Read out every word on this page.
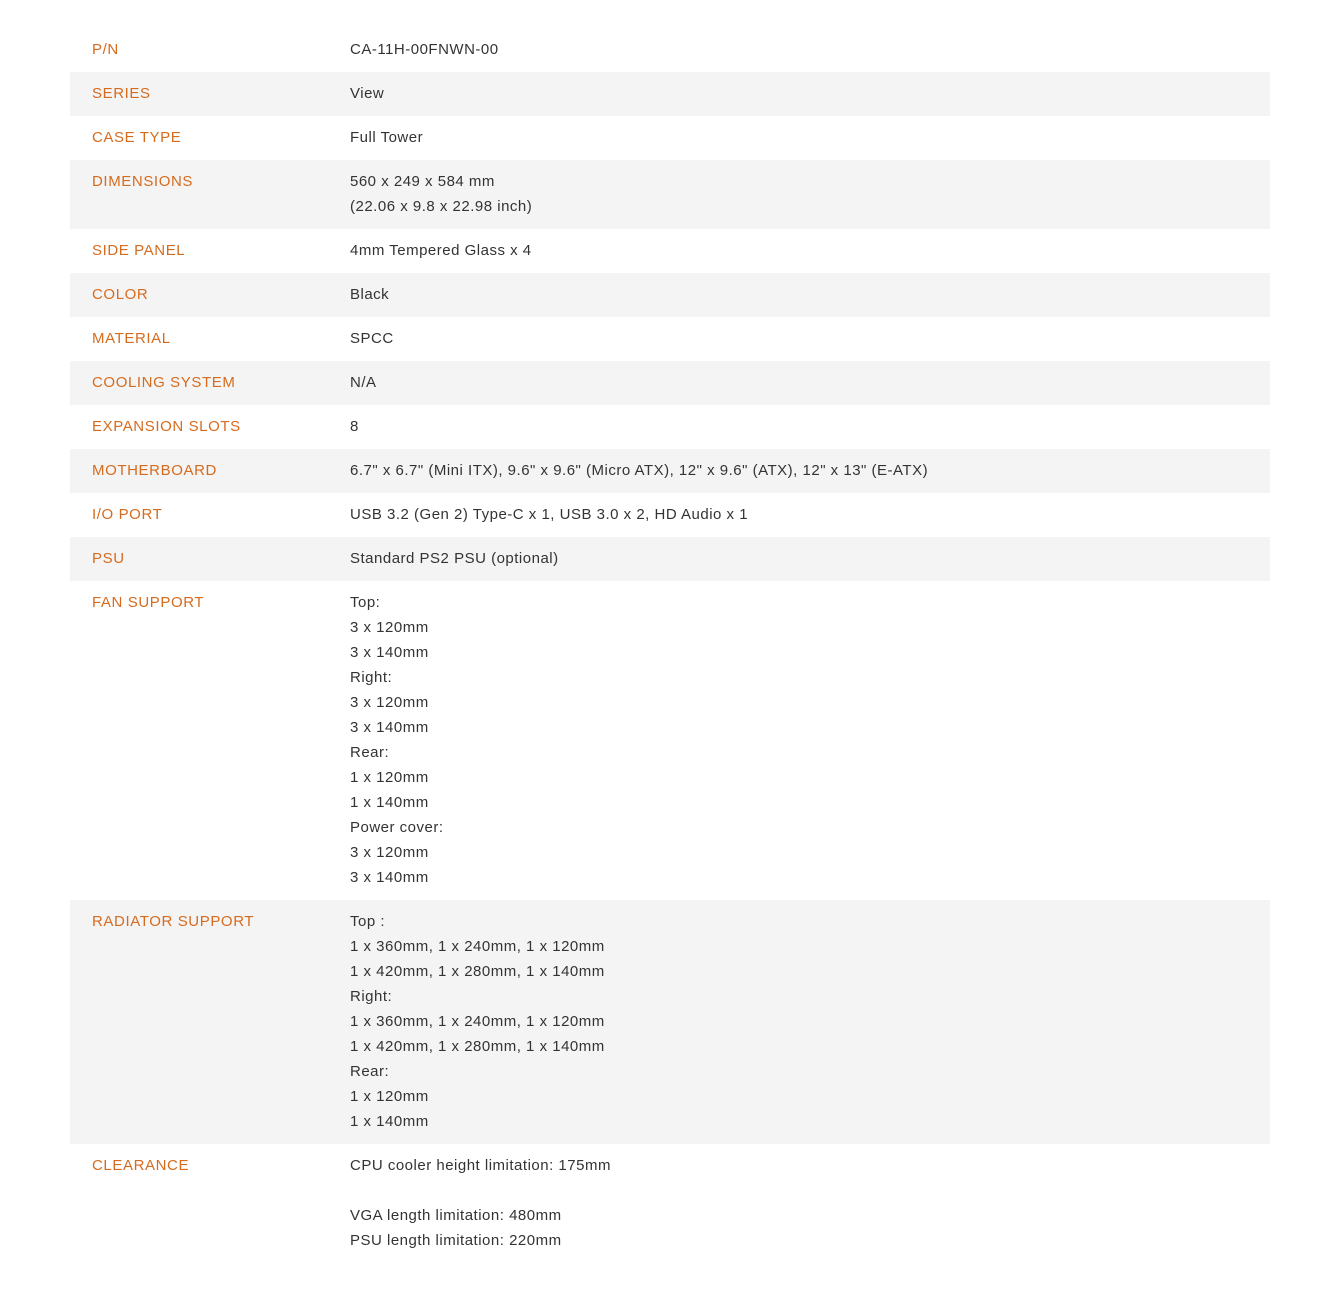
P/N	CA-11H-00FNWN-00
SERIES	View
CASE TYPE	Full Tower
DIMENSIONS	560 x 249 x 584 mm
(22.06 x 9.8 x 22.98 inch)
SIDE PANEL	4mm Tempered Glass x 4
COLOR	Black
MATERIAL	SPCC
COOLING SYSTEM	N/A
EXPANSION SLOTS	8
MOTHERBOARD	6.7" x 6.7" (Mini ITX), 9.6" x 9.6" (Micro ATX), 12" x 9.6" (ATX), 12" x 13" (E-ATX)
I/O PORT	USB 3.2 (Gen 2) Type-C x 1, USB 3.0 x 2, HD Audio x 1
PSU	Standard PS2 PSU (optional)
FAN SUPPORT	Top:
3 x 120mm
3 x 140mm
Right:
3 x 120mm
3 x 140mm
Rear:
1 x 120mm
1 x 140mm
Power cover:
3 x 120mm
3 x 140mm
RADIATOR SUPPORT	Top :
1 x 360mm, 1 x 240mm, 1 x 120mm
1 x 420mm, 1 x 280mm, 1 x 140mm
Right:
1 x 360mm, 1 x 240mm, 1 x 120mm
1 x 420mm, 1 x 280mm, 1 x 140mm
Rear:
1 x 120mm
1 x 140mm
CLEARANCE	CPU cooler height limitation: 175mm
VGA length limitation: 480mm
PSU length limitation: 220mm
